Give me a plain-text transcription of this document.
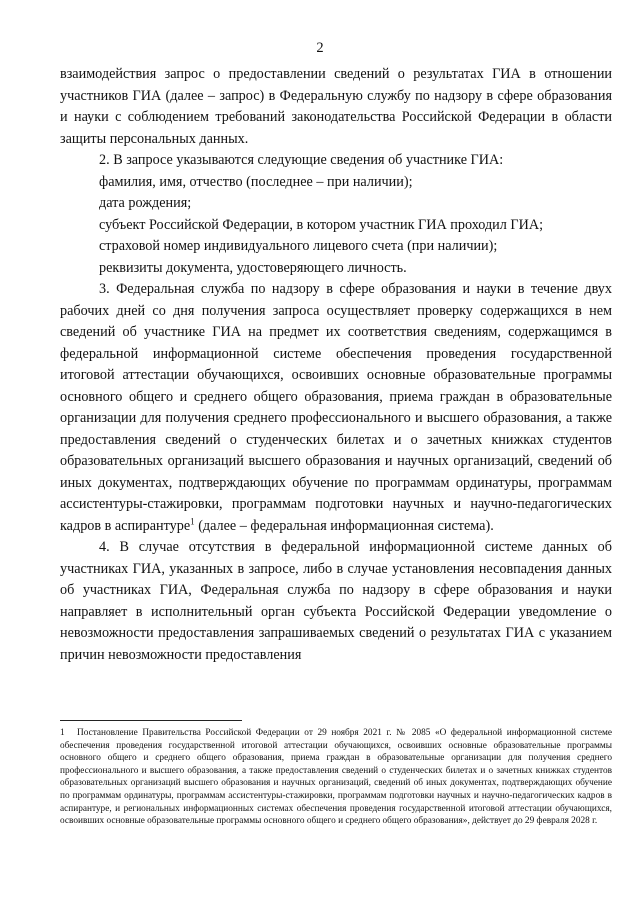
2

взаимодействия запрос о предоставлении сведений о результатах ГИА в отношении участников ГИА (далее – запрос) в Федеральную службу по надзору в сфере образования и науки с соблюдением требований законодательства Российской Федерации в области защиты персональных данных.

2. В запросе указываются следующие сведения об участнике ГИА:

фамилия, имя, отчество (последнее – при наличии);

дата рождения;

субъект Российской Федерации, в котором участник ГИА проходил ГИА;

страховой номер индивидуального лицевого счета (при наличии);

реквизиты документа, удостоверяющего личность.

3. Федеральная служба по надзору в сфере образования и науки в течение двух рабочих дней со дня получения запроса осуществляет проверку содержащихся в нем сведений об участнике ГИА на предмет их соответствия сведениям, содержащимся в федеральной информационной системе обеспечения проведения государственной итоговой аттестации обучающихся, освоивших основные образовательные программы основного общего и среднего общего образования, приема граждан в образовательные организации для получения среднего профессионального и высшего образования, а также предоставления сведений о студенческих билетах и о зачетных книжках студентов образовательных организаций высшего образования и научных организаций, сведений об иных документах, подтверждающих обучение по программам ординатуры, программам ассистентуры-стажировки, программам подготовки научных и научно-педагогических кадров в аспирантуре$^1$ (далее – федеральная информационная система).

4. В случае отсутствия в федеральной информационной системе данных об участниках ГИА, указанных в запросе, либо в случае установления несовпадения данных об участниках ГИА, Федеральная служба по надзору в сфере образования и науки направляет в исполнительный орган субъекта Российской Федерации уведомление о невозможности предоставления запрашиваемых сведений о результатах ГИА с указанием причин невозможности предоставления

1 Постановление Правительства Российской Федерации от 29 ноября 2021 г. № 2085 «О федеральной информационной системе обеспечения проведения государственной итоговой аттестации обучающихся, освоивших основные образовательные программы основного общего и среднего общего образования, приема граждан в образовательные организации для получения среднего профессионального и высшего образования, а также предоставления сведений о студенческих билетах и о зачетных книжках студентов образовательных организаций высшего образования и научных организаций, сведений об иных документах, подтверждающих обучение по программам ординатуры, программам ассистентуры-стажировки, программам подготовки научных и научно-педагогических кадров в аспирантуре, и региональных информационных системах обеспечения проведения государственной итоговой аттестации обучающихся, освоивших основные образовательные программы основного общего и среднего общего образования», действует до 29 февраля 2028 г.
